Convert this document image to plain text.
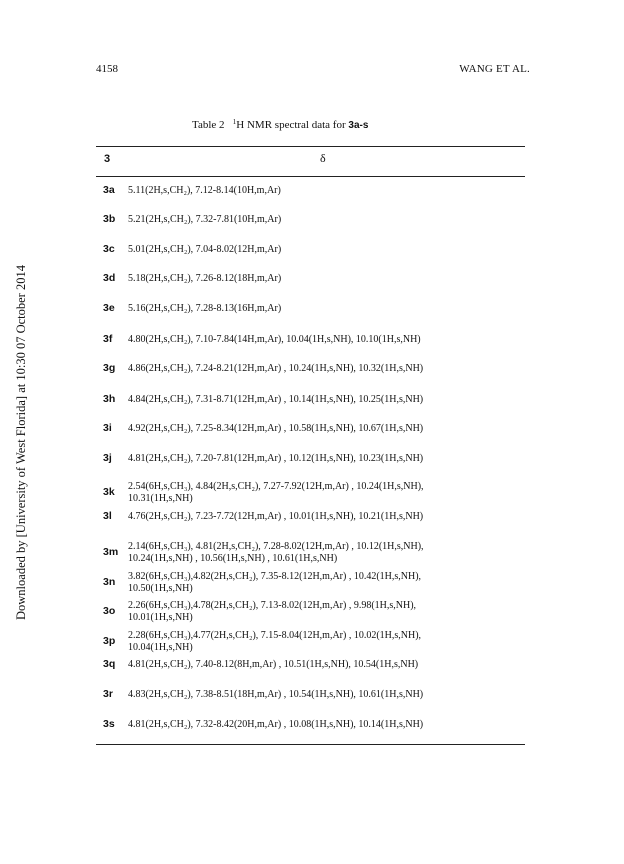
4158	WANG ET AL.
Downloaded by [University of West Florida] at 10:30 07 October 2014
Table 2 $^1$H NMR spectral data for 3a-s
3	δ
3a 5.11(2H,s,CH₂), 7.12-8.14(10H,m,Ar)
3b 5.21(2H,s,CH₂), 7.32-7.81(10H,m,Ar)
3c 5.01(2H,s,CH₂), 7.04-8.02(12H,m,Ar)
3d 5.18(2H,s,CH₂), 7.26-8.12(18H,m,Ar)
3e 5.16(2H,s,CH₂), 7.28-8.13(16H,m,Ar)
3f 4.80(2H,s,CH₂), 7.10-7.84(14H,m,Ar), 10.04(1H,s,NH), 10.10(1H,s,NH)
3g 4.86(2H,s,CH₂), 7.24-8.21(12H,m,Ar) , 10.24(1H,s,NH), 10.32(1H,s,NH)
3h 4.84(2H,s,CH₂), 7.31-8.71(12H,m,Ar) , 10.14(1H,s,NH), 10.25(1H,s,NH)
3i 4.92(2H,s,CH₂), 7.25-8.34(12H,m,Ar) , 10.58(1H,s,NH), 10.67(1H,s,NH)
3j 4.81(2H,s,CH₂), 7.20-7.81(12H,m,Ar) , 10.12(1H,s,NH), 10.23(1H,s,NH)
3k 2.54(6H,s,CH₃), 4.84(2H,s,CH₂), 7.27-7.92(12H,m,Ar) , 10.24(1H,s,NH),
10.31(1H,s,NH)
3l 4.76(2H,s,CH₂), 7.23-7.72(12H,m,Ar) , 10.01(1H,s,NH), 10.21(1H,s,NH)
3m 2.14(6H,s,CH₃), 4.81(2H,s,CH₂), 7.28-8.02(12H,m,Ar) , 10.12(1H,s,NH),
10.24(1H,s,NH) , 10.56(1H,s,NH) , 10.61(1H,s,NH)
3n 3.82(6H,s,CH₃),4.82(2H,s,CH₂), 7.35-8.12(12H,m,Ar) , 10.42(1H,s,NH),
10.50(1H,s,NH)
3o 2.26(6H,s,CH₃),4.78(2H,s,CH₂), 7.13-8.02(12H,m,Ar) , 9.98(1H,s,NH),
10.01(1H,s,NH)
3p 2.28(6H,s,CH₃),4.77(2H,s,CH₂), 7.15-8.04(12H,m,Ar) , 10.02(1H,s,NH),
10.04(1H,s,NH)
3q 4.81(2H,s,CH₂), 7.40-8.12(8H,m,Ar) , 10.51(1H,s,NH), 10.54(1H,s,NH)
3r 4.83(2H,s,CH₂), 7.38-8.51(18H,m,Ar) , 10.54(1H,s,NH), 10.61(1H,s,NH)
3s 4.81(2H,s,CH₂), 7.32-8.42(20H,m,Ar) , 10.08(1H,s,NH), 10.14(1H,s,NH)
